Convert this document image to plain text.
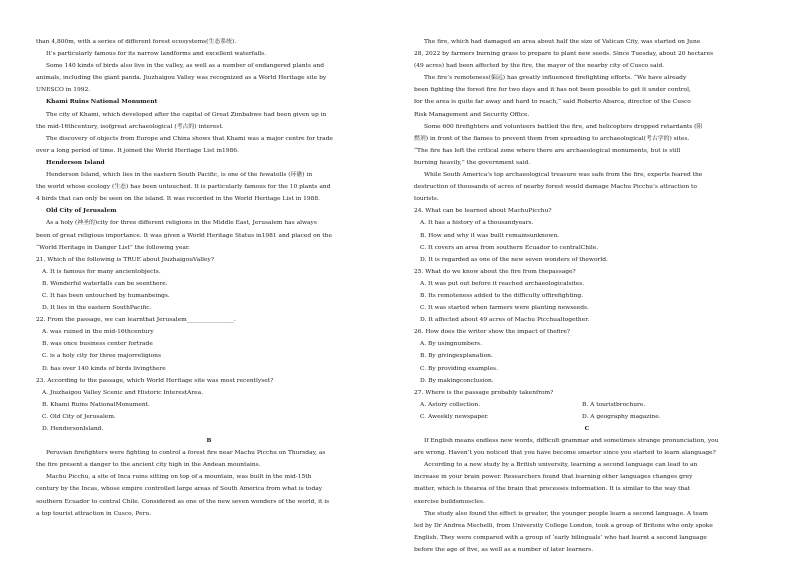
than 4,800m, with a series of different forest ecosystems(生态系统).
It’s particularly famous for its narrow landforms and excellent waterfalls.
Some 140 kinds of birds also live in the valley, as well as a number of endangered plants and
animals, including the giant panda. Jiuzhaigou Valley was recognized as a World Heritage site by
UNESCO in 1992.
Khami Ruins National Monument
The city of Khami, which developed after the capital of Great Zimbabwe had been given up in
the mid-16thcentury, isofgreat archaeological (考古的) interest.
The discovery of objects from Europe and China shows that Khami was a major centre for trade
over a long period of time. It joined the World Heritage List in1986.
Henderson Island
Henderson Island, which lies in the eastern South Pacific, is one of the fewatolls (环礁) in
the world whose ecology (生态) has been untouched. It is particularly famous for the 10 plants and
4 birds that can only be seen on the island. It was recorded in the World Heritage List in 1988.
Old City of Jerusalem
As a holy (神圣的)city for three different religions in the Middle East, Jerusalem has always
been of great religious importance. It was given a World Heritage Status in1981 and placed on the
“World Heritage in Danger List” the following year.
21. Which of the following is TRUE about JiuzhaigouValley?
A. It is famous for many ancientobjects.
B. Wonderful waterfalls can be seenthere.
C. It has been untouched by humanbeings.
D. It lies in the eastern SouthPacific.
22. From the passage, we can learnthat Jerusalem________________.
A. was ruined in the mid-16thcentury
B. was once business center fortrade
C. is a holy city for three majorreligions
D. has over 140 kinds of birds livingthere
23. According to the passage, which World Heritage site was most recentlyset?
A. Jiuzhaigou Valley Scenic and Historic InterestArea.
B. Khami Ruins NationalMonument.
C. Old City of Jerusalem.
D. HendersonIsland.
B
Peruvian firefighters were fighting to control a forest fire near Machu Picchu on Thursday, as
the fire present a danger to the ancient city high in the Andean mountains.
Machu Picchu, a site of Inca ruins sitting on top of a mountain, was built in the mid-15th
century by the Incas, whose empire controlled large areas of South America from what is today
southern Ecuador to central Chile. Considered as one of the new seven wonders of the world, it is
a top tourist attraction in Cusco, Peru.
The fire, which had damaged an area about half the size of Vatican City, was started on June
28, 2022 by farmers burning grass to prepare to plant new seeds. Since Tuesday, about 20 hectares
(49 acres) had been affected by the fire, the mayor of the nearby city of Cusco said.
The fire’s remoteness(偏远) has greatly influenced firefighting efforts. “We have already
been fighting the forest fire for two days and it has not been possible to get it under control,
for the area is quite far away and hard to reach,” said Roberto Abarca, director of the Cusco
Risk Management and Security Office.
Some 600 firefighters and volunteers battled the fire, and helicopters dropped retardants (阻
燃剂) in front of the flames to prevent them from spreading to archaeological(考古学的) sites.
“The fire has left the critical zone where there are archaeological monuments, but is still
burning heavily,” the government said.
While South America’s top archaeological treasure was safe from the fire, experts feared the
destruction of thousands of acres of nearby forest would damage Machu Picchu’s attraction to
tourists.
24. What can be learned about MachuPicchu?
A. It has a history of a thousandyears.
B. How and why it was built remainsunknown.
C. It covers an area from southern Ecuador to centralChile.
D. It is regarded as one of the new seven wonders of theworld.
25. What do we know about the fire from thepassage?
A. It was put out before it reached archaeologicalsites.
B. Its remoteness added to the difficulty offirefighting.
C. It was started when farmers were planting newseeds.
D. It affected about 49 acres of Machu Picchualtogether.
26. How does the writer show the impact of thefire?
A. By usingnumbers.
B. By givingexplanation.
C. By providing examples.
D. By makingconclusion.
27. Where is the passage probably takenfrom?
A. Astory collection.	B. A touristbrochure.
C. Aweekly newspaper.	D. A geography magazine.
C
If English means endless new words, difficult grammar and sometimes strange pronunciation, you
are wrong. Haven’t you noticed that you have become smarter since you started to learn alanguage?
According to a new study by a British university, learning a second language can lead to an
increase in your brain power. Researchers found that learning other languages changes grey
matter, which is thearea of the brain that processes information. It is similar to the way that
exercise buildsmuscles.
The study also found the effect is greater, the younger people learn a second language. A team
led by Dr Andrea Mechelli, from University College London, took a group of Britons who only spoke
English. They were compared with a group of ‘early bilinguals’ who had learnt a second language
before the age of five, as well as a number of later learners.
